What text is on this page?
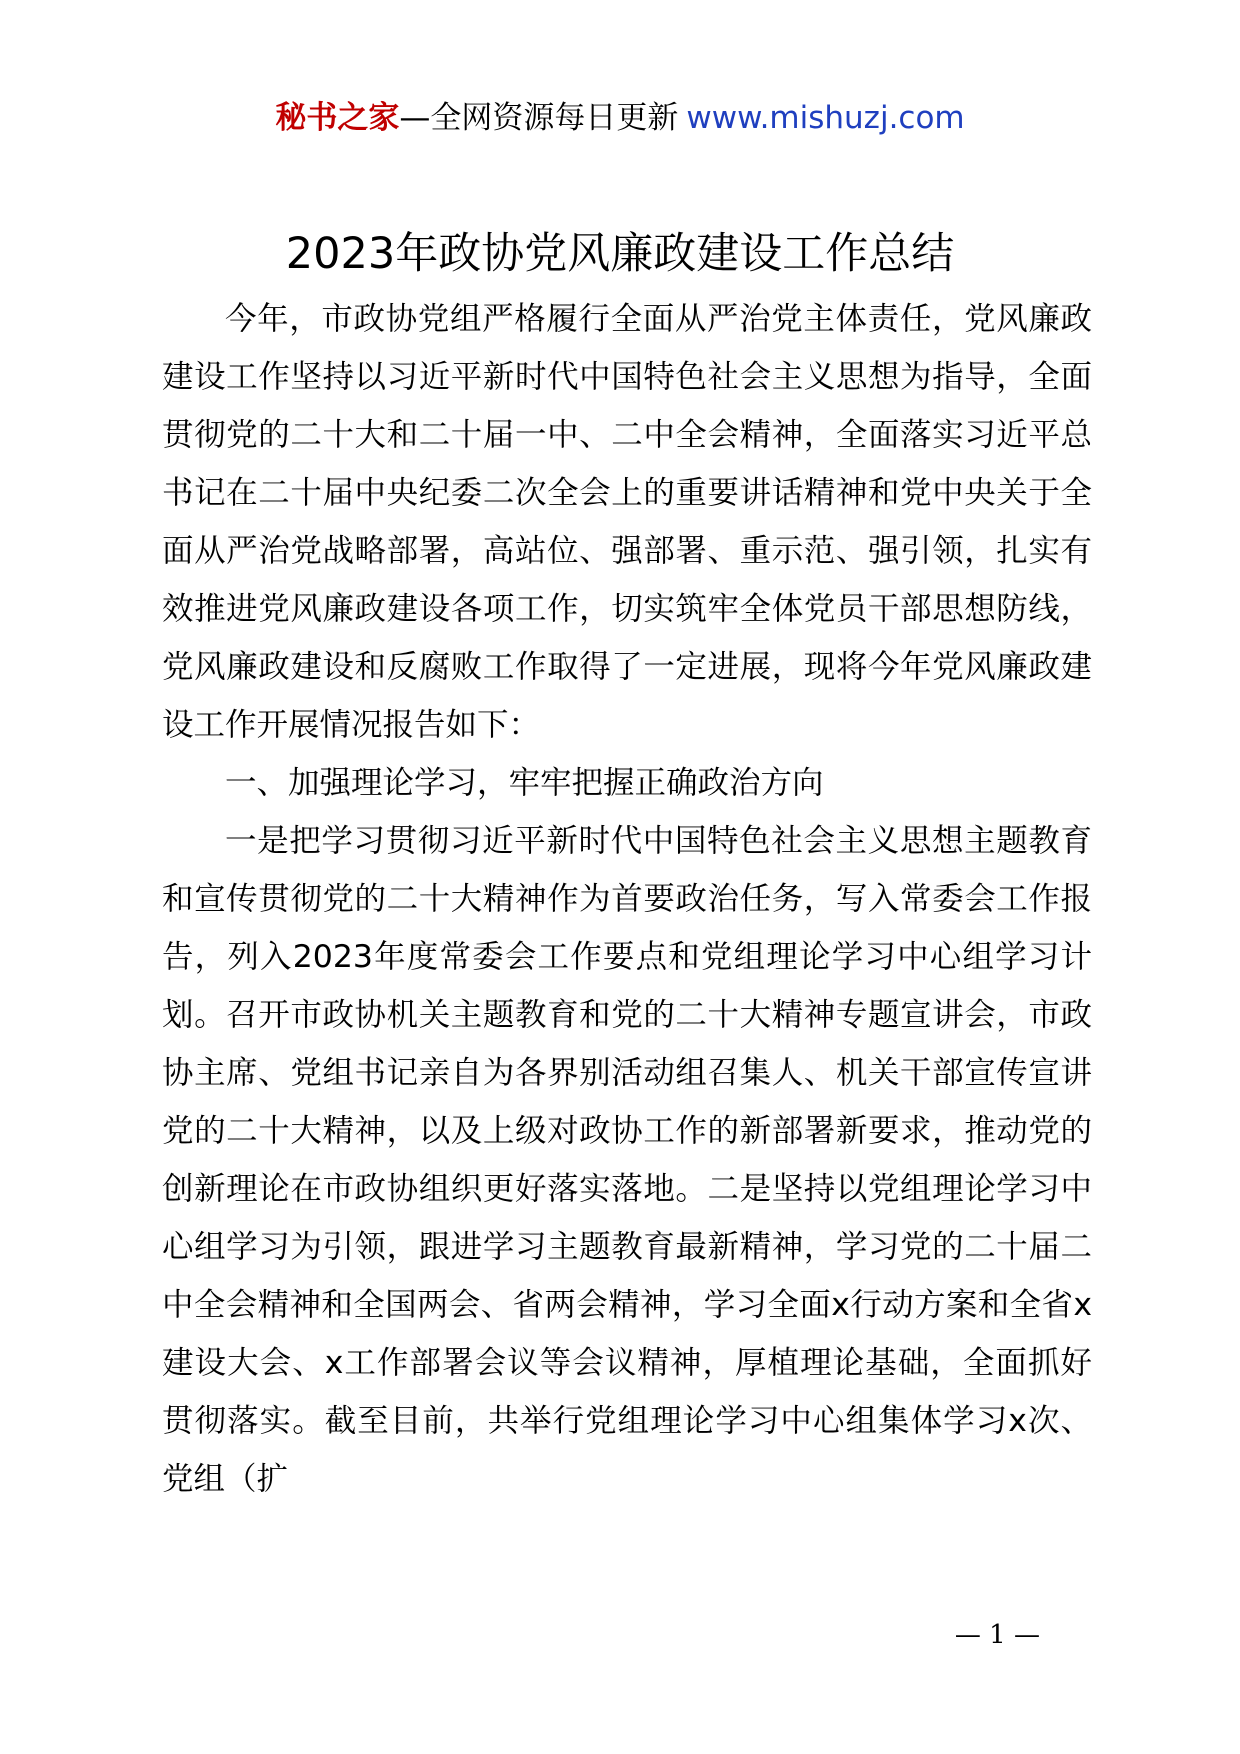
秘书之家—全网资源每日更新 www.mishuzj.com
2023年政协党风廉政建设工作总结

今年，市政协党组严格履行全面从严治党主体责任，党风廉政建设工作坚持以习近平新时代中国特色社会主义思想为指导，全面贯彻党的二十大和二十届一中、二中全会精神，全面落实习近平总书记在二十届中央纪委二次全会上的重要讲话精神和党中央关于全面从严治党战略部署，高站位、强部署、重示范、强引领，扎实有效推进党风廉政建设各项工作，切实筑牢全体党员干部思想防线，党风廉政建设和反腐败工作取得了一定进展，现将今年党风廉政建设工作开展情况报告如下：

一、加强理论学习，牢牢把握正确政治方向

一是把学习贯彻习近平新时代中国特色社会主义思想主题教育和宣传贯彻党的二十大精神作为首要政治任务，写入常委会工作报告，列入2023年度常委会工作要点和党组理论学习中心组学习计划。召开市政协机关主题教育和党的二十大精神专题宣讲会，市政协主席、党组书记亲自为各界别活动组召集人、机关干部宣传宣讲党的二十大精神，以及上级对政协工作的新部署新要求，推动党的创新理论在市政协组织更好落实落地。二是坚持以党组理论学习中心组学习为引领，跟进学习主题教育最新精神，学习党的二十届二中全会精神和全国两会、省两会精神，学习全面x行动方案和全省x建设大会、x工作部署会议等会议精神，厚植理论基础，全面抓好贯彻落实。截至目前，共举行党组理论学习中心组集体学习x次、党组（扩

— 1 —
